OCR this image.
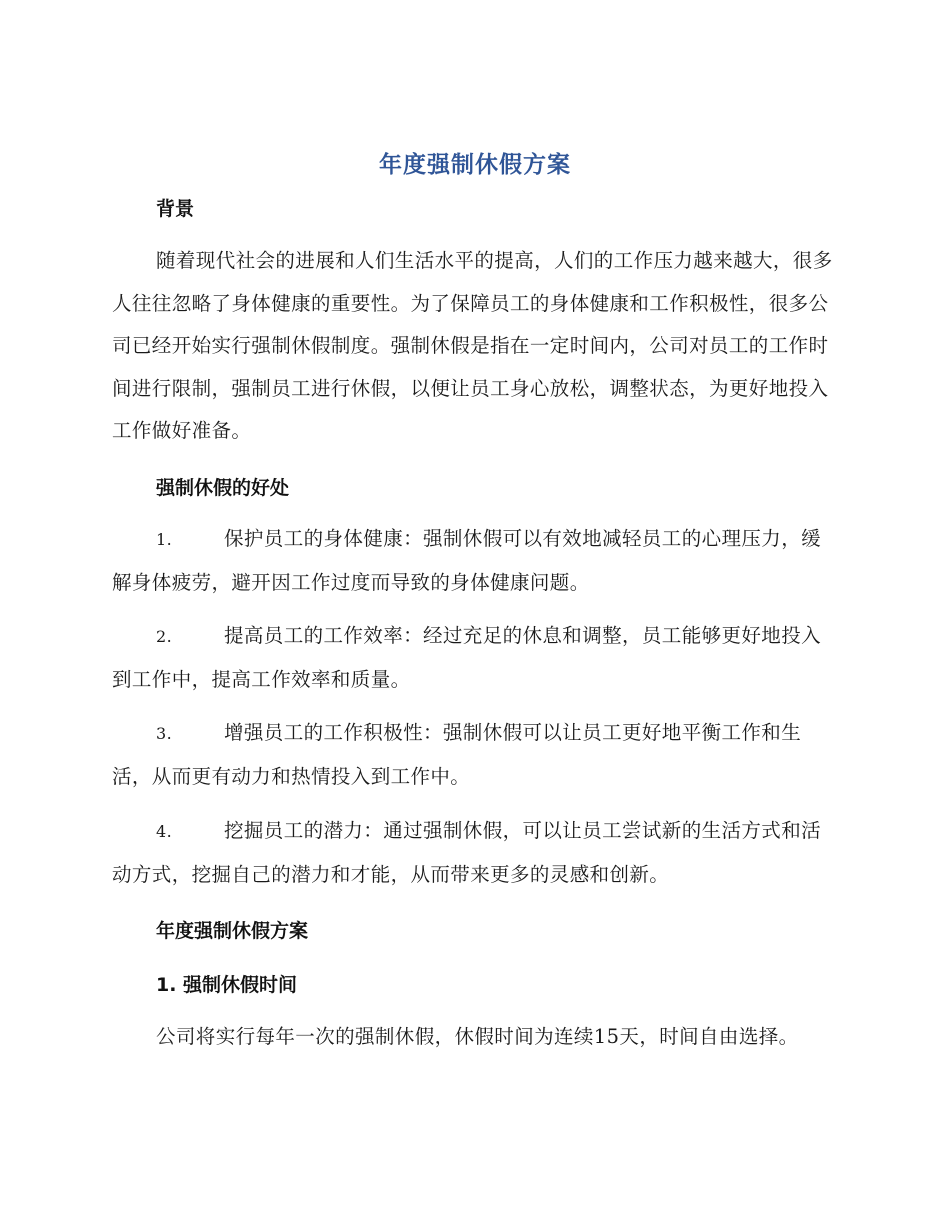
年度强制休假方案
背景

随着现代社会的进展和人们生活水平的提高，人们的工作压力越来越大，很多人往往忽略了身体健康的重要性。为了保障员工的身体健康和工作积极性，很多公司已经开始实行强制休假制度。强制休假是指在一定时间内，公司对员工的工作时间进行限制，强制员工进行休假，以便让员工身心放松，调整状态，为更好地投入工作做好准备。

强制休假的好处

1.	保护员工的身体健康：强制休假可以有效地减轻员工的心理压力，缓解身体疲劳，避开因工作过度而导致的身体健康问题。

2.	提高员工的工作效率：经过充足的休息和调整，员工能够更好地投入到工作中，提高工作效率和质量。

3.	增强员工的工作积极性：强制休假可以让员工更好地平衡工作和生活，从而更有动力和热情投入到工作中。

4.	挖掘员工的潜力：通过强制休假，可以让员工尝试新的生活方式和活动方式，挖掘自己的潜力和才能，从而带来更多的灵感和创新。

年度强制休假方案
1. 强制休假时间

公司将实行每年一次的强制休假，休假时间为连续15天，时间自由选择。
